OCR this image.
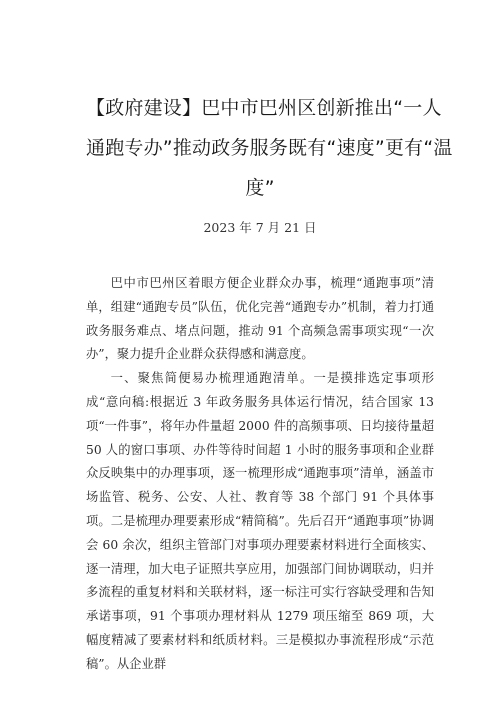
【政府建设】巴中市巴州区创新推出“一人
通跑专办”推动政务服务既有“速度”更有“温
度”
2023 年 7 月 21 日

巴中市巴州区着眼方便企业群众办事，梳理“通跑事项”清单，组建“通跑专员”队伍，优化完善“通跑专办”机制，着力打通政务服务难点、堵点问题，推动 91 个高频急需事项实现“一次办”，聚力提升企业群众获得感和满意度。

一、聚焦简便易办梳理通跑清单。一是摸排选定事项形成“意向稿:根据近 3 年政务服务具体运行情况，结合国家 13 项“一件事”，将年办件量超 2000 件的高频事项、日均接待量超 50 人的窗口事项、办件等待时间超 1 小时的服务事项和企业群众反映集中的办理事项，逐一梳理形成“通跑事项”清单，涵盖市场监管、税务、公安、人社、教育等 38 个部门 91 个具体事项。二是梳理办理要素形成“精简稿”。先后召开“通跑事项”协调会 60 余次，组织主管部门对事项办理要素材料进行全面核实、逐一清理，加大电子证照共享应用，加强部门间协调联动，归并多流程的重复材料和关联材料，逐一标注可实行容缺受理和告知承诺事项，91 个事项办理材料从 1279 项压缩至 869 项，大幅度精减了要素材料和纸质材料。三是模拟办事流程形成“示范稿”。从企业群
